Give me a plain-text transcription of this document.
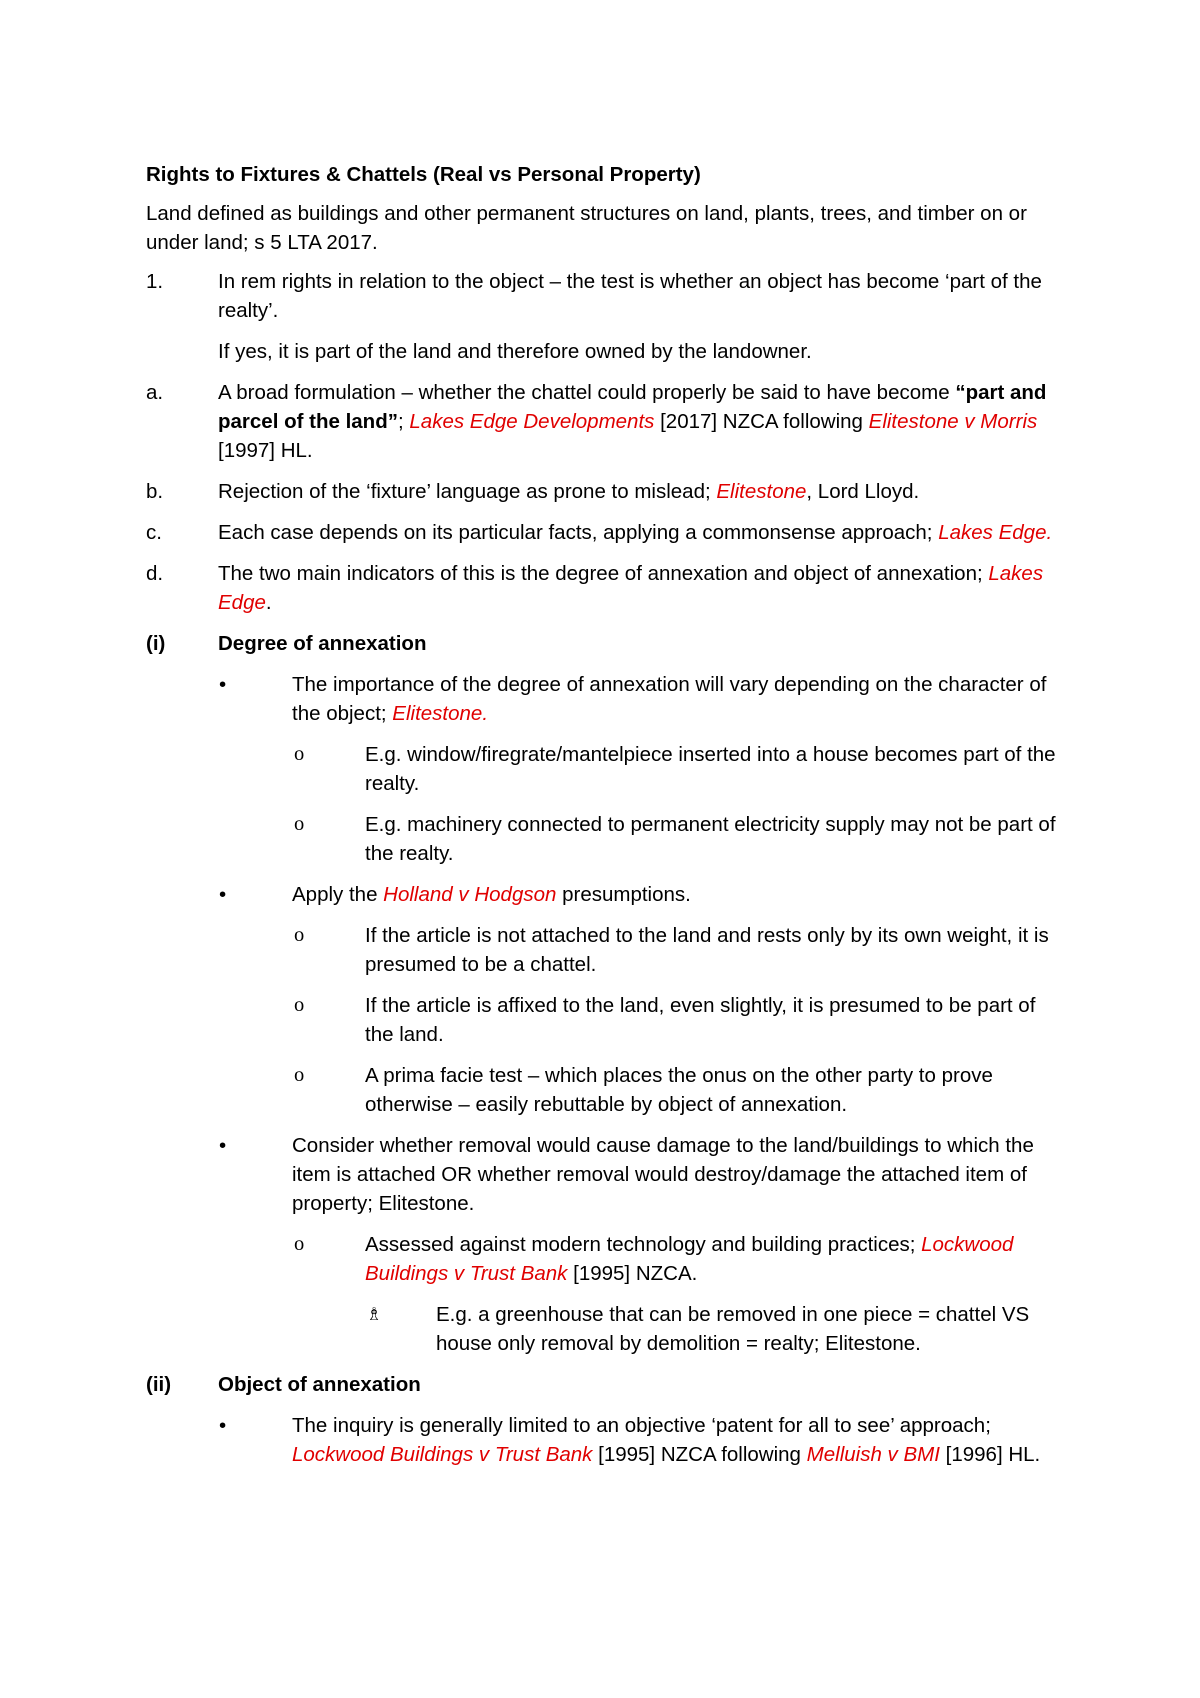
Rights to Fixtures & Chattels (Real vs Personal Property)
Land defined as buildings and other permanent structures on land, plants, trees, and timber on or under land; s 5 LTA 2017.
1.	In rem rights in relation to the object – the test is whether an object has become ‘part of the realty’.
If yes, it is part of the land and therefore owned by the landowner.
a.	A broad formulation – whether the chattel could properly be said to have become “part and parcel of the land”; Lakes Edge Developments [2017] NZCA following Elitestone v Morris [1997] HL.
b.	Rejection of the ‘fixture’ language as prone to mislead; Elitestone, Lord Lloyd.
c.	Each case depends on its particular facts, applying a commonsense approach; Lakes Edge.
d.	The two main indicators of this is the degree of annexation and object of annexation; Lakes Edge.
(i)	Degree of annexation
•	The importance of the degree of annexation will vary depending on the character of the object; Elitestone.
o	E.g. window/firegrate/mantelpiece inserted into a house becomes part of the realty.
o	E.g. machinery connected to permanent electricity supply may not be part of the realty.
•	Apply the Holland v Hodgson presumptions.
o	If the article is not attached to the land and rests only by its own weight, it is presumed to be a chattel.
o	If the article is affixed to the land, even slightly, it is presumed to be part of the land.
o	A prima facie test – which places the onus on the other party to prove otherwise – easily rebuttable by object of annexation.
•	Consider whether removal would cause damage to the land/buildings to which the item is attached OR whether removal would destroy/damage the attached item of property; Elitestone.
o	Assessed against modern technology and building practices; Lockwood Buildings v Trust Bank [1995] NZCA.
♗	E.g. a greenhouse that can be removed in one piece = chattel VS house only removal by demolition = realty; Elitestone.
(ii) Object of annexation
•	The inquiry is generally limited to an objective ‘patent for all to see’ approach; Lockwood Buildings v Trust Bank [1995] NZCA following Melluish v BMI [1996] HL.
